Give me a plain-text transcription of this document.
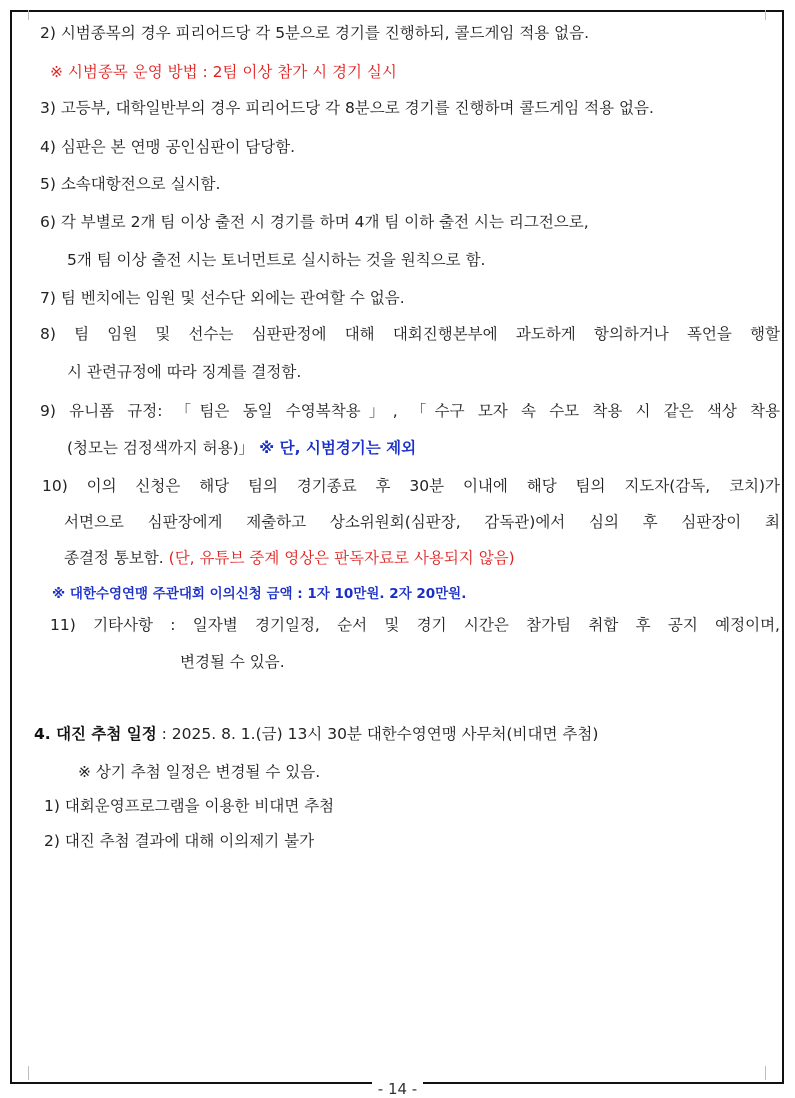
2) 시범종목의 경우 피리어드당 각 5분으로 경기를 진행하되, 콜드게임 적용 없음.
※ 시범종목 운영 방법 : 2팀 이상 참가 시 경기 실시
3) 고등부, 대학일반부의 경우 피리어드당 각 8분으로 경기를 진행하며 콜드게임 적용 없음.
4) 심판은 본 연맹 공인심판이 담당함.
5) 소속대항전으로 실시함.
6) 각 부별로 2개 팀 이상 출전 시 경기를 하며 4개 팀 이하 출전 시는 리그전으로,
5개 팀 이상 출전 시는 토너먼트로 실시하는 것을 원칙으로 함.
7) 팀 벤치에는 임원 및 선수단 외에는 관여할 수 없음.
8) 팀 임원 및 선수는 심판판정에 대해 대회진행본부에 과도하게 항의하거나 폭언을 행할
시 관련규정에 따라 징계를 결정함.
9) 유니폼 규정: 「팀은 동일 수영복착용」, 「수구 모자 속 수모 착용 시 같은 색상 착용
(청모는 검정색까지 허용)」 ※ 단, 시범경기는 제외
10) 이의 신청은 해당 팀의 경기종료 후 30분 이내에 해당 팀의 지도자(감독, 코치)가
서면으로 심판장에게 제출하고 상소위원회(심판장, 감독관)에서 심의 후 심판장이 최
종결정 통보함. (단, 유튜브 중계 영상은 판독자료로 사용되지 않음)
※ 대한수영연맹 주관대회 이의신청 금액 : 1자 10만원. 2자 20만원.
11) 기타사항 : 일자별 경기일정, 순서 및 경기 시간은 참가팀 취합 후 공지 예정이며,
변경될 수 있음.
4. 대진 추첨 일정 : 2025. 8. 1.(금) 13시 30분 대한수영연맹 사무처(비대면 추첨)
※ 상기 추첨 일정은 변경될 수 있음.
1) 대회운영프로그램을 이용한 비대면 추첨
2) 대진 추첨 결과에 대해 이의제기 불가
- 14 -
